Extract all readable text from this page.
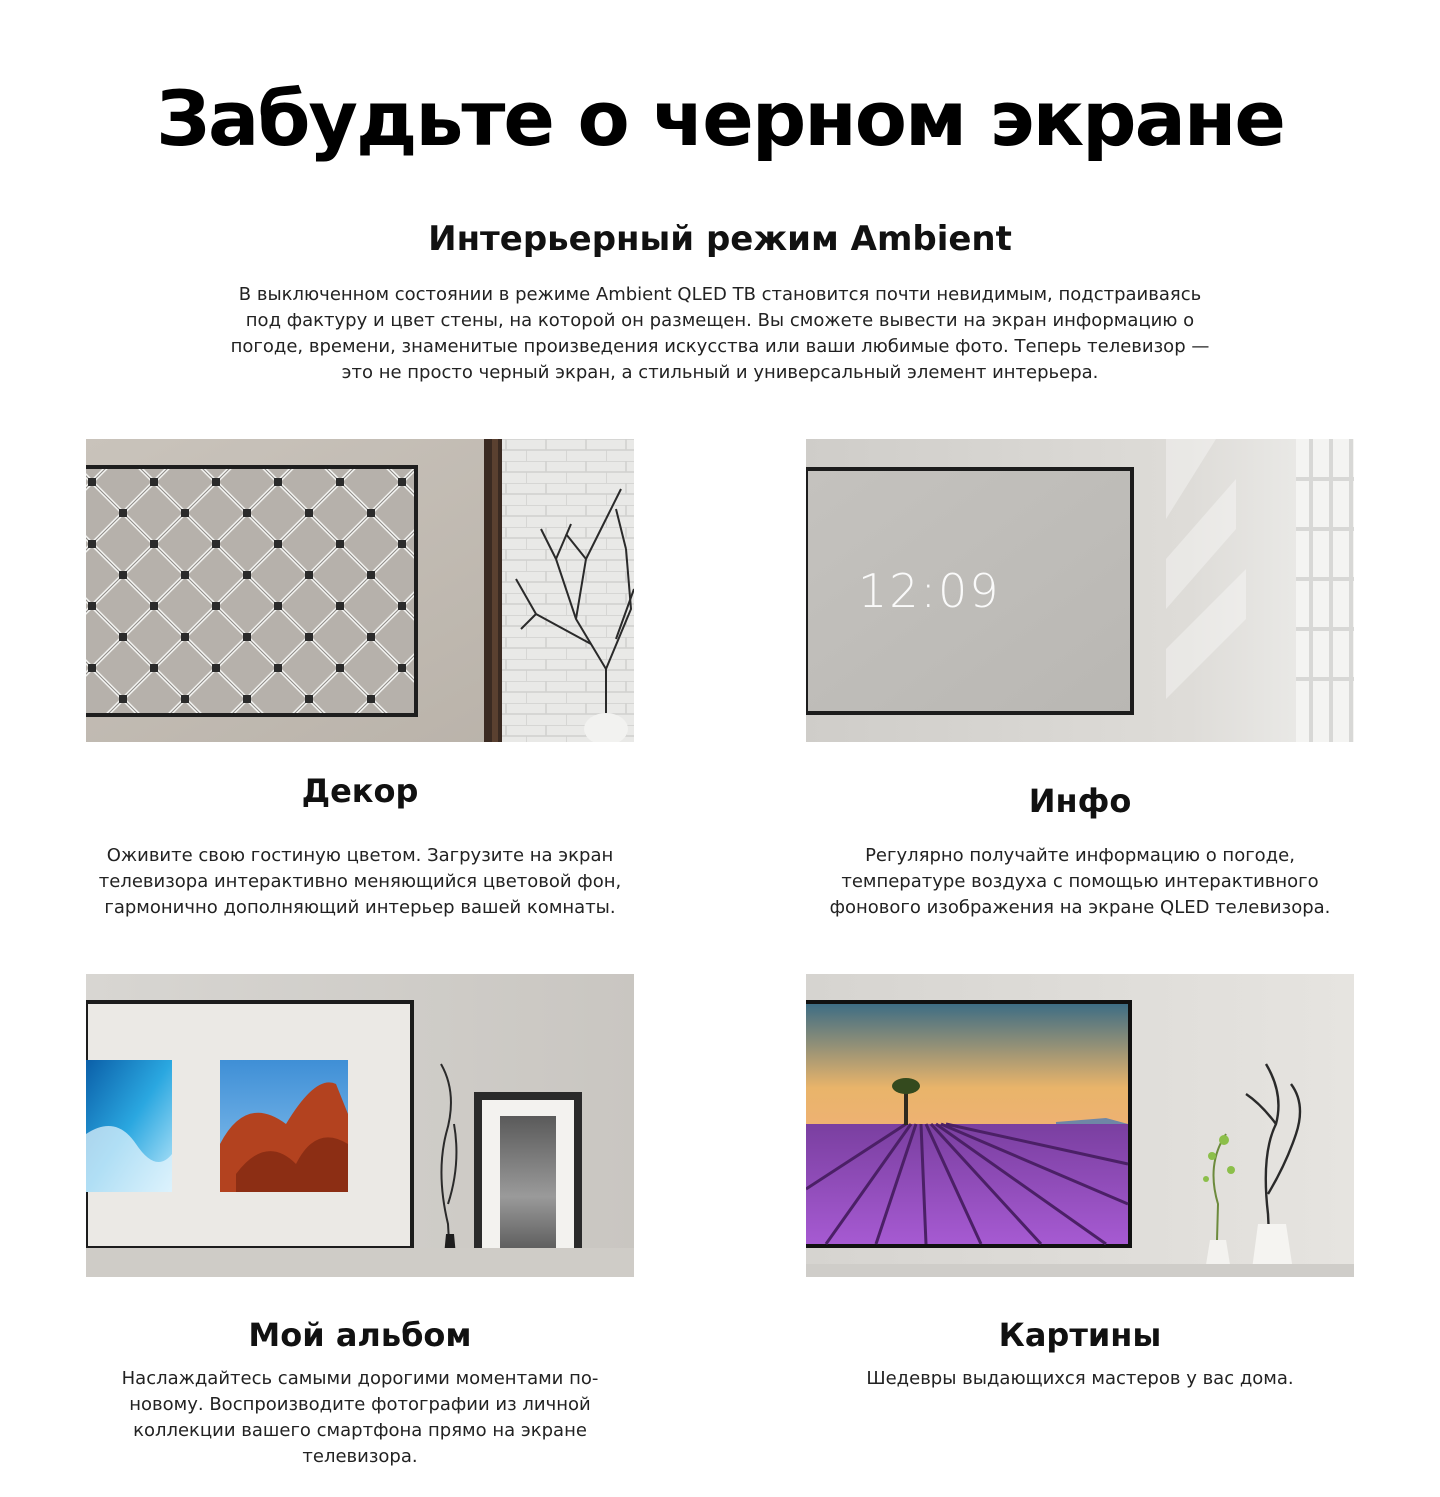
Забудьте о черном экране
Интерьерный режим Ambient

В выключенном состоянии в режиме Ambient QLED ТВ становится почти невидимым, подстраиваясь под фактуру и цвет стены, на которой он размещен. Вы сможете вывести на экран информацию о погоде, времени, знаменитые произведения искусства или ваши любимые фото. Теперь телевизор — это не просто черный экран, а стильный и универсальный элемент интерьера.

Декор

Оживите свою гостиную цветом. Загрузите на экран телевизора интерактивно меняющийся цветовой фон, гармонично дополняющий интерьер вашей комнаты.

12:09
Инфо

Регулярно получайте информацию о погоде, температуре воздуха с помощью интерактивного фонового изображения на экране QLED телевизора.

Мой альбом

Наслаждайтесь самыми дорогими моментами по-новому. Воспроизводите фотографии из личной коллекции вашего смартфона прямо на экране телевизора.

Картины

Шедевры выдающихся мастеров у вас дома.
